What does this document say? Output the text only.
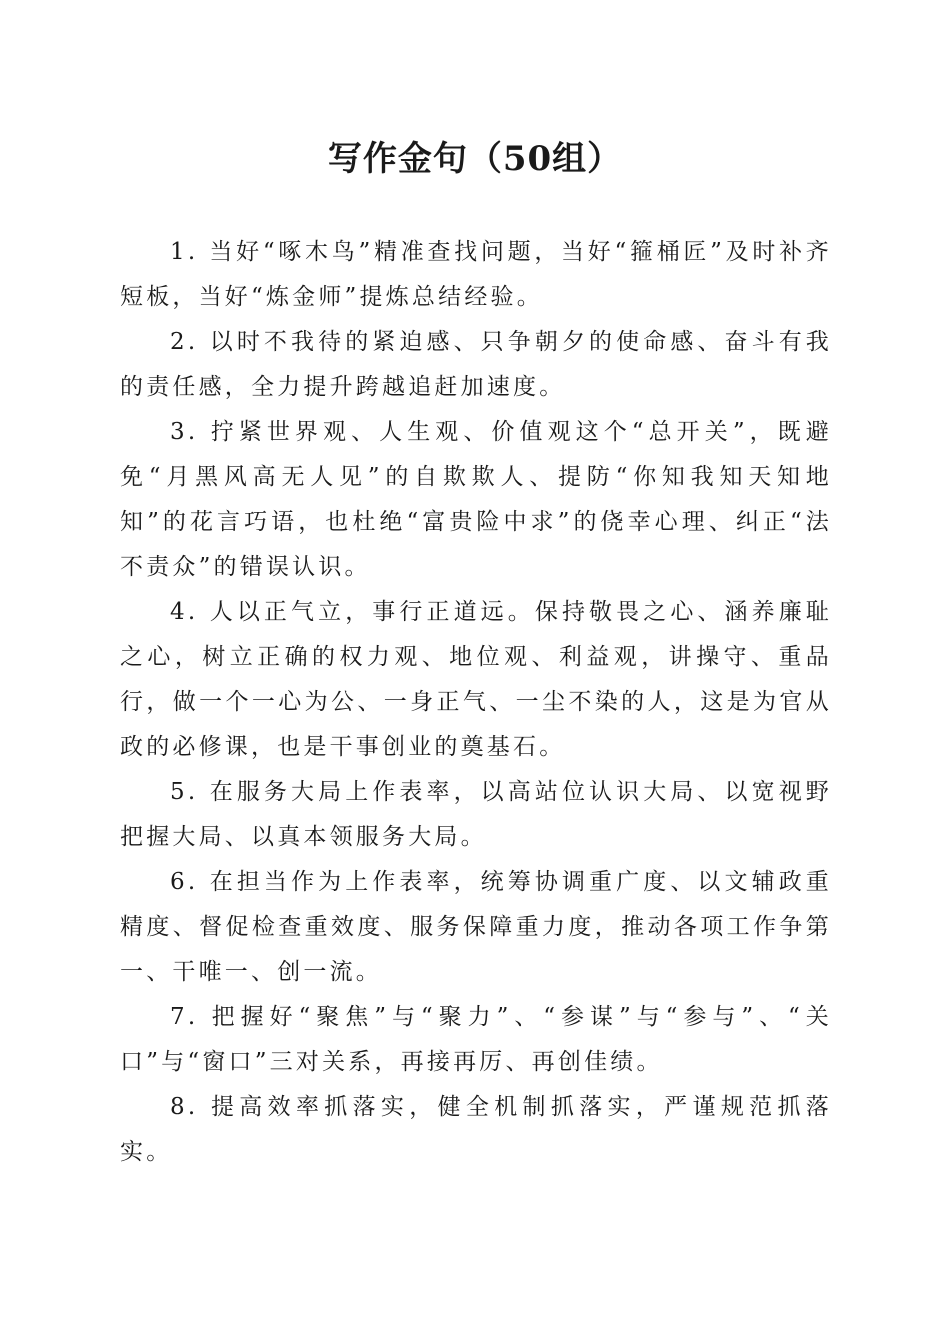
写作金句（50组）

1. 当好“啄木鸟”精准查找问题，当好“箍桶匠”及时补齐短板，当好“炼金师”提炼总结经验。

2. 以时不我待的紧迫感、只争朝夕的使命感、奋斗有我的责任感，全力提升跨越追赶加速度。

3. 拧紧世界观、人生观、价值观这个“总开关”，既避免“月黑风高无人见”的自欺欺人、提防“你知我知天知地知”的花言巧语，也杜绝“富贵险中求”的侥幸心理、纠正“法不责众”的错误认识。

4. 人以正气立，事行正道远。保持敬畏之心、涵养廉耻之心，树立正确的权力观、地位观、利益观，讲操守、重品行，做一个一心为公、一身正气、一尘不染的人，这是为官从政的必修课，也是干事创业的奠基石。

5. 在服务大局上作表率，以高站位认识大局、以宽视野把握大局、以真本领服务大局。

6. 在担当作为上作表率，统筹协调重广度、以文辅政重精度、督促检查重效度、服务保障重力度，推动各项工作争第一、干唯一、创一流。

7. 把握好“聚焦”与“聚力”、“参谋”与“参与”、“关口”与“窗口”三对关系，再接再厉、再创佳绩。

8. 提高效率抓落实，健全机制抓落实，严谨规范抓落实。
